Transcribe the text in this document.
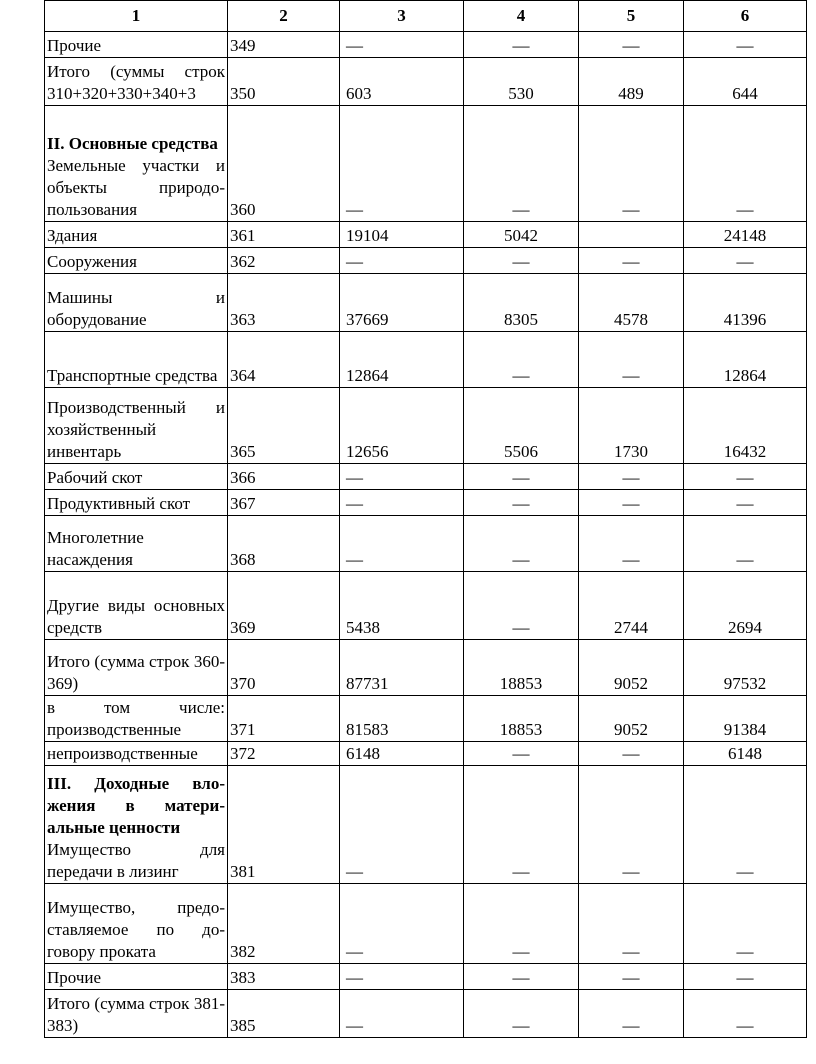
1	2	3	4	5	6

Прочие	349	—	—	—	—

Итого (суммы строк 310+320+330+340+3	350	603	530	489	644

II. Основные средства
Земельные участки и объекты природо-пользования	360	—	—	—	—

Здания	361	19104	5042		24148

Сооружения	362	—	—	—	—

Машины и оборудование	363	37669	8305	4578	41396

Транспортные средства	364	12864	—	—	12864

Производственный и хозяйственный инвентарь	365	12656	5506	1730	16432

Рабочий скот	366	—	—	—	—

Продуктивный скот	367	—	—	—	—

Многолетние насаждения	368	—	—	—	—

Другие виды основных средств	369	5438	—	2744	2694

Итого (сумма строк 360-369)	370	87731	18853	9052	97532

в том числе: производственные	371	81583	18853	9052	91384

непроизводственные	372	6148	—	—	6148

III. Доходные вло-жения в матери-альные ценности
Имущество для передачи в лизинг	381	—	—	—	—

Имущество, предо-ставляемое по до-говору проката	382	—	—	—	—

Прочие	383	—	—	—	—

Итого (сумма строк 381-383)	385	—	—	—	—
